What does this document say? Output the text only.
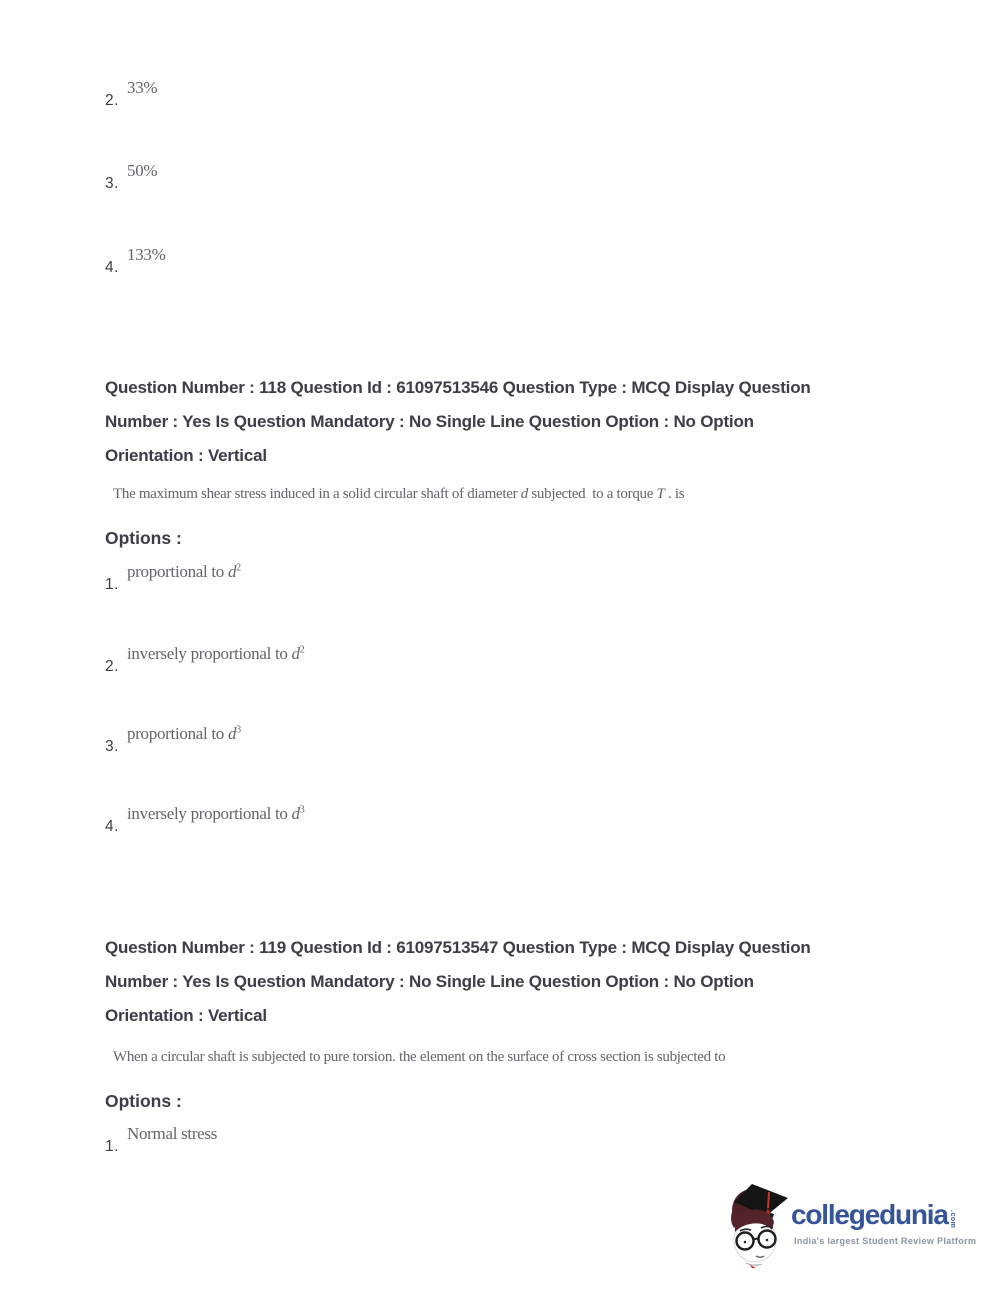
33%

2.

50%

3.

133%

4.

Question Number : 118 Question Id : 61097513546 Question Type : MCQ Display Question
Number : Yes Is Question Mandatory : No Single Line Question Option : No Option
Orientation : Vertical
The maximum shear stress induced in a solid circular shaft of diameter d subjected  to a torque T . is
Options :
proportional to $d^2$
1.
inversely proportional to $d^2$
2.
proportional to $d^3$
3.
inversely proportional to $d^3$
4.
Question Number : 119 Question Id : 61097513547 Question Type : MCQ Display Question
Number : Yes Is Question Mandatory : No Single Line Question Option : No Option
Orientation : Vertical
When a circular shaft is subjected to pure torsion. the element on the surface of cross section is subjected to
Options :
Normal stress
1.
collegedunia .com
India's largest Student Review Platform
